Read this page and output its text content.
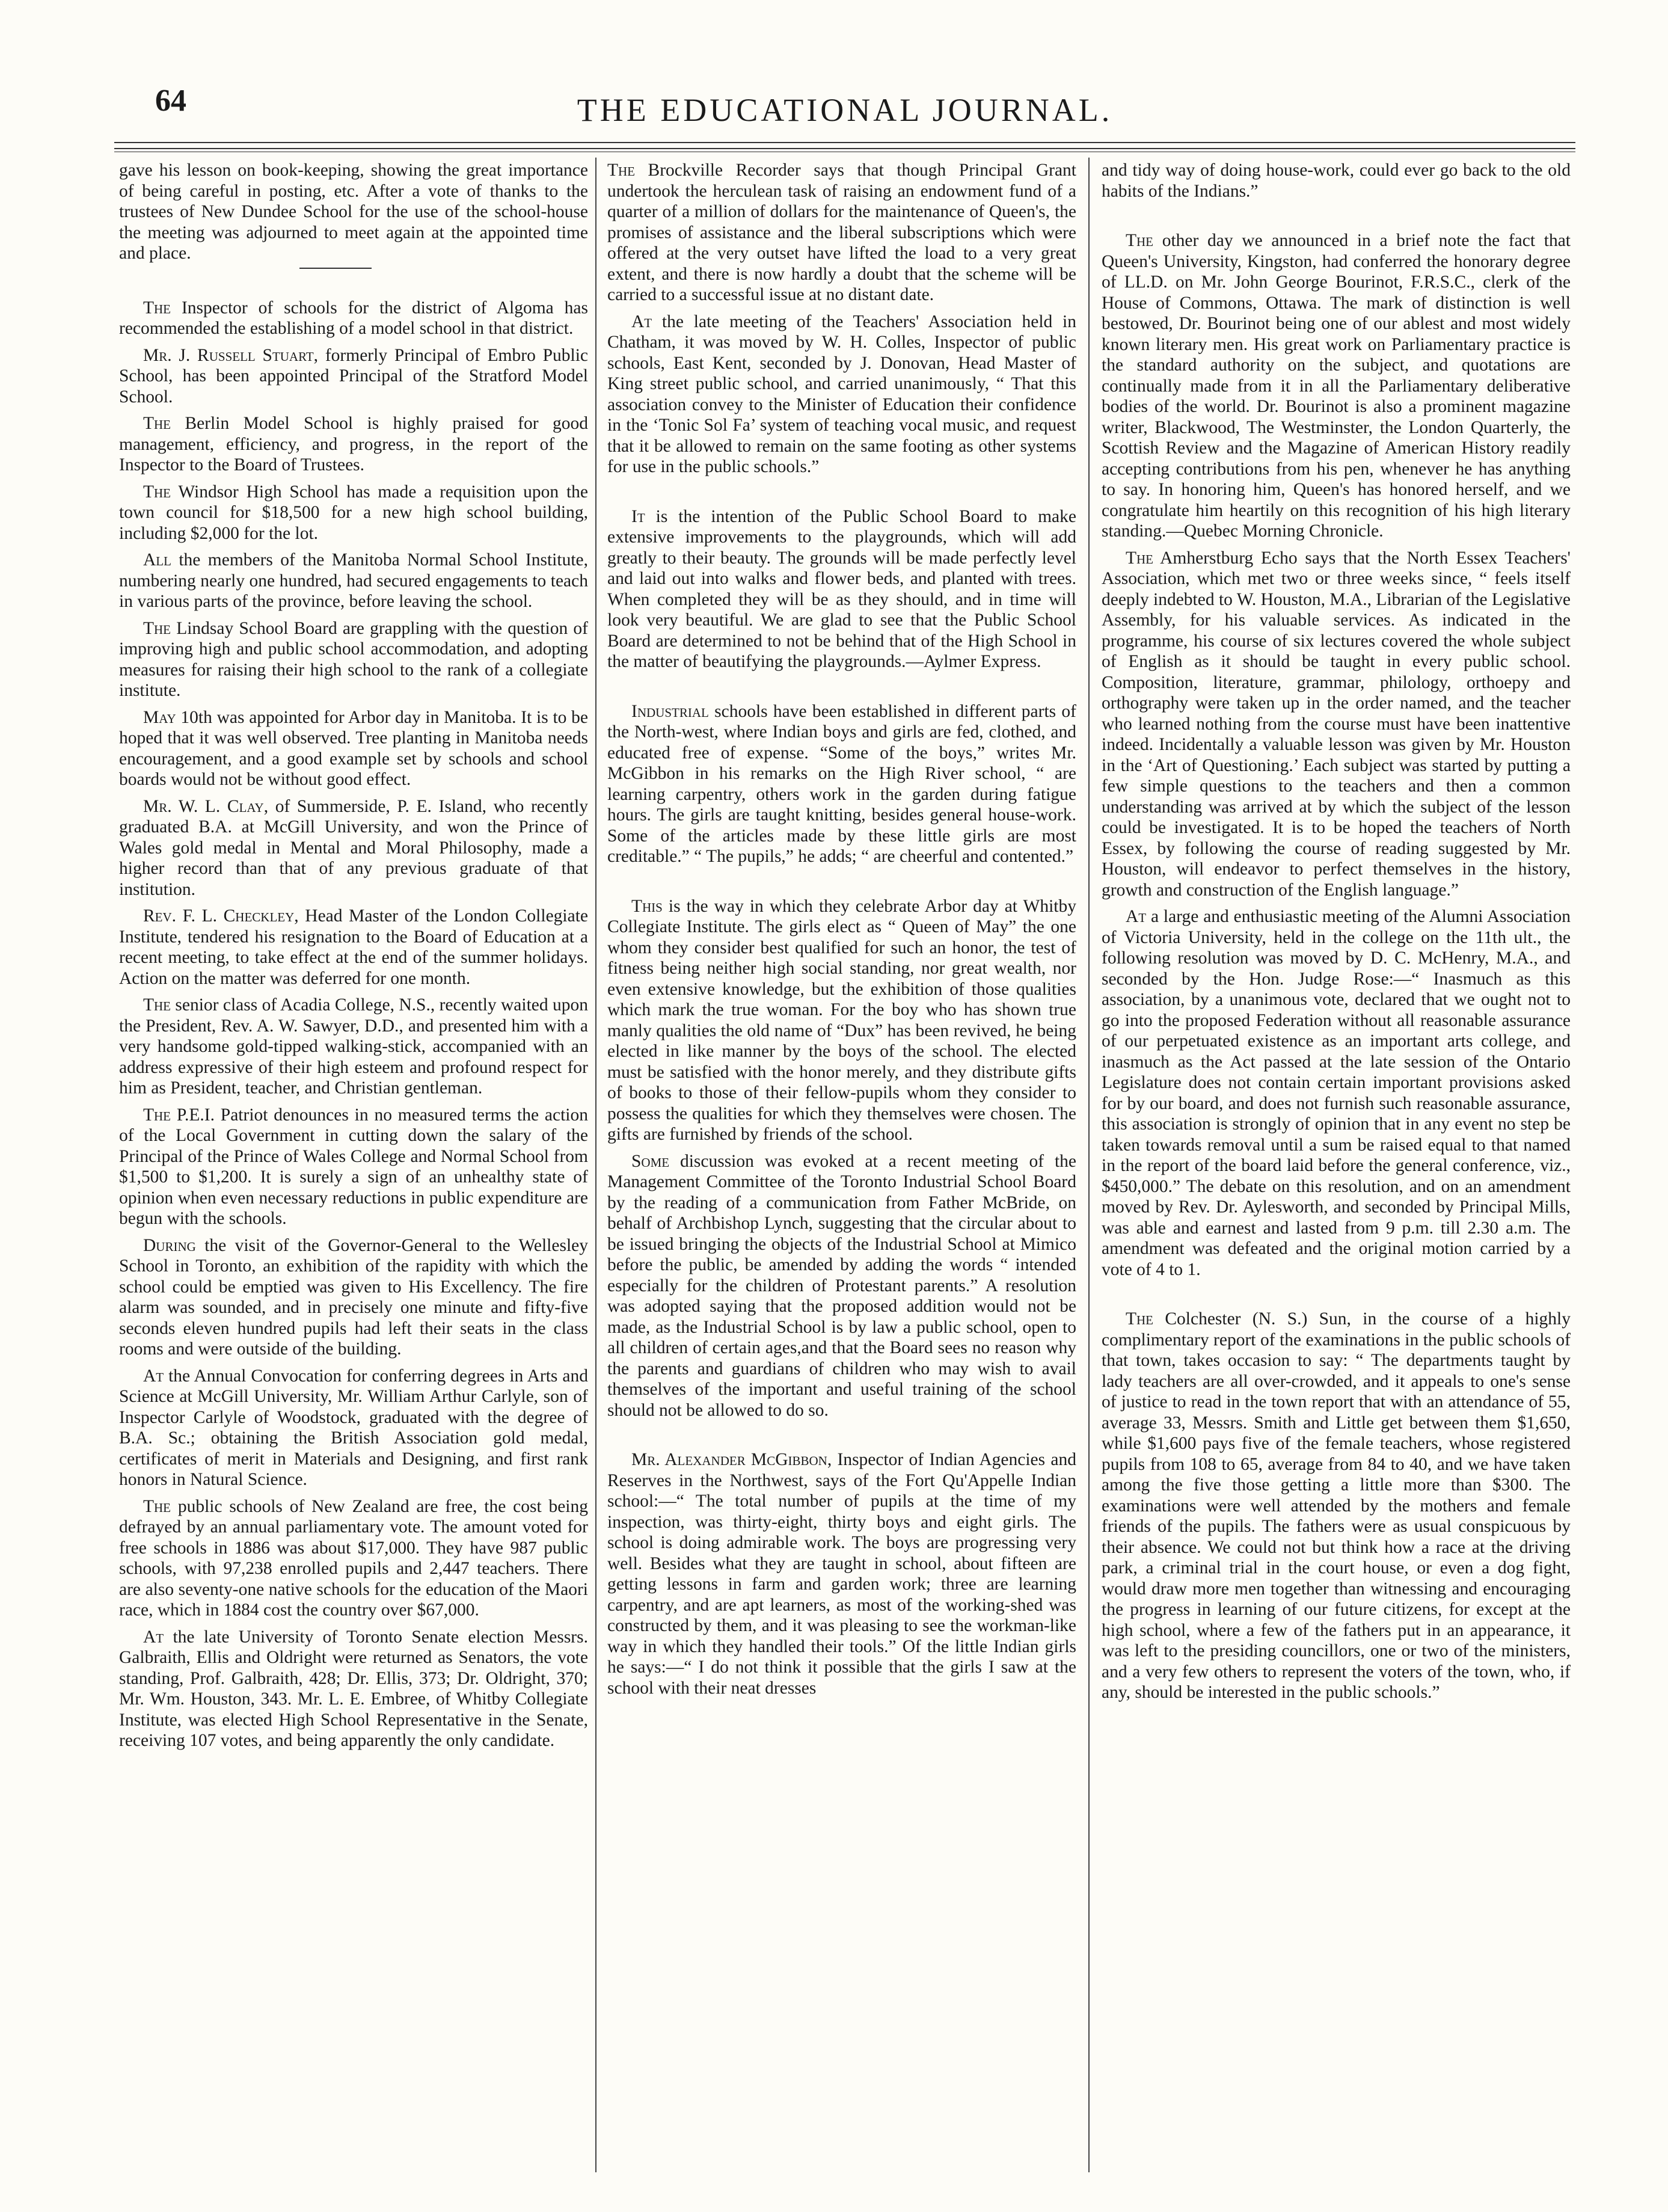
64	THE EDUCATIONAL JOURNAL.

gave his lesson on book-keeping, showing the great importance of being careful in posting, etc. After a vote of thanks to the trustees of New Dundee School for the use of the school-house the meeting was adjourned to meet again at the appointed time and place.

The Inspector of schools for the district of Algoma has recommended the establishing of a model school in that district.

Mr. J. Russell Stuart, formerly Principal of Embro Public School, has been appointed Principal of the Stratford Model School.

The Berlin Model School is highly praised for good management, efficiency, and progress, in the report of the Inspector to the Board of Trustees.

The Windsor High School has made a requisition upon the town council for $18,500 for a new high school building, including $2,000 for the lot.

All the members of the Manitoba Normal School Institute, numbering nearly one hundred, had secured engagements to teach in various parts of the province, before leaving the school.

The Lindsay School Board are grappling with the question of improving high and public school accommodation, and adopting measures for raising their high school to the rank of a collegiate institute.

May 10th was appointed for Arbor day in Manitoba. It is to be hoped that it was well observed. Tree planting in Manitoba needs encouragement, and a good example set by schools and school boards would not be without good effect.

Mr. W. L. Clay, of Summerside, P. E. Island, who recently graduated B.A. at McGill University, and won the Prince of Wales gold medal in Mental and Moral Philosophy, made a higher record than that of any previous graduate of that institution.

Rev. F. L. Checkley, Head Master of the London Collegiate Institute, tendered his resignation to the Board of Education at a recent meeting, to take effect at the end of the summer holidays. Action on the matter was deferred for one month.

The senior class of Acadia College, N.S., recently waited upon the President, Rev. A. W. Sawyer, D.D., and presented him with a very handsome gold-tipped walking-stick, accompanied with an address expressive of their high esteem and profound respect for him as President, teacher, and Christian gentleman.

The P.E.I. Patriot denounces in no measured terms the action of the Local Government in cutting down the salary of the Principal of the Prince of Wales College and Normal School from $1,500 to $1,200. It is surely a sign of an unhealthy state of opinion when even necessary reductions in public expenditure are begun with the schools.

During the visit of the Governor-General to the Wellesley School in Toronto, an exhibition of the rapidity with which the school could be emptied was given to His Excellency. The fire alarm was sounded, and in precisely one minute and fifty-five seconds eleven hundred pupils had left their seats in the class rooms and were outside of the building.

At the Annual Convocation for conferring degrees in Arts and Science at McGill University, Mr. William Arthur Carlyle, son of Inspector Carlyle of Woodstock, graduated with the degree of B.A. Sc.; obtaining the British Association gold medal, certificates of merit in Materials and Designing, and first rank honors in Natural Science.

The public schools of New Zealand are free, the cost being defrayed by an annual parliamentary vote. The amount voted for free schools in 1886 was about $17,000. They have 987 public schools, with 97,238 enrolled pupils and 2,447 teachers. There are also seventy-one native schools for the education of the Maori race, which in 1884 cost the country over $67,000.

At the late University of Toronto Senate election Messrs. Galbraith, Ellis and Oldright were returned as Senators, the vote standing, Prof. Galbraith, 428; Dr. Ellis, 373; Dr. Oldright, 370; Mr. Wm. Houston, 343. Mr. L. E. Embree, of Whitby Collegiate Institute, was elected High School Representative in the Senate, receiving 107 votes, and being apparently the only candidate.

The Brockville Recorder says that though Principal Grant undertook the herculean task of raising an endowment fund of a quarter of a million of dollars for the maintenance of Queen's, the promises of assistance and the liberal subscriptions which were offered at the very outset have lifted the load to a very great extent, and there is now hardly a doubt that the scheme will be carried to a successful issue at no distant date.

At the late meeting of the Teachers' Association held in Chatham, it was moved by W. H. Colles, Inspector of public schools, East Kent, seconded by J. Donovan, Head Master of King street public school, and carried unanimously, “ That this association convey to the Minister of Education their confidence in the ‘Tonic Sol Fa’ system of teaching vocal music, and request that it be allowed to remain on the same footing as other systems for use in the public schools.”

It is the intention of the Public School Board to make extensive improvements to the playgrounds, which will add greatly to their beauty. The grounds will be made perfectly level and laid out into walks and flower beds, and planted with trees. When completed they will be as they should, and in time will look very beautiful. We are glad to see that the Public School Board are determined to not be behind that of the High School in the matter of beautifying the playgrounds.—Aylmer Express.

Industrial schools have been established in different parts of the North-west, where Indian boys and girls are fed, clothed, and educated free of expense. “Some of the boys,” writes Mr. McGibbon in his remarks on the High River school, “ are learning carpentry, others work in the garden during fatigue hours. The girls are taught knitting, besides general house-work. Some of the articles made by these little girls are most creditable.” “ The pupils,” he adds; “ are cheerful and contented.”

This is the way in which they celebrate Arbor day at Whitby Collegiate Institute. The girls elect as “ Queen of May” the one whom they consider best qualified for such an honor, the test of fitness being neither high social standing, nor great wealth, nor even extensive knowledge, but the exhibition of those qualities which mark the true woman. For the boy who has shown true manly qualities the old name of “Dux” has been revived, he being elected in like manner by the boys of the school. The elected must be satisfied with the honor merely, and they distribute gifts of books to those of their fellow-pupils whom they consider to possess the qualities for which they themselves were chosen. The gifts are furnished by friends of the school.

Some discussion was evoked at a recent meeting of the Management Committee of the Toronto Industrial School Board by the reading of a communication from Father McBride, on behalf of Archbishop Lynch, suggesting that the circular about to be issued bringing the objects of the Industrial School at Mimico before the public, be amended by adding the words “ intended especially for the children of Protestant parents.” A resolution was adopted saying that the proposed addition would not be made, as the Industrial School is by law a public school, open to all children of certain ages,and that the Board sees no reason why the parents and guardians of children who may wish to avail themselves of the important and useful training of the school should not be allowed to do so.

Mr. Alexander McGibbon, Inspector of Indian Agencies and Reserves in the Northwest, says of the Fort Qu'Appelle Indian school:—“ The total number of pupils at the time of my inspection, was thirty-eight, thirty boys and eight girls. The school is doing admirable work. The boys are progressing very well. Besides what they are taught in school, about fifteen are getting lessons in farm and garden work; three are learning carpentry, and are apt learners, as most of the working-shed was constructed by them, and it was pleasing to see the workman-like way in which they handled their tools.” Of the little Indian girls he says:—“ I do not think it possible that the girls I saw at the school with their neat dresses

and tidy way of doing house-work, could ever go back to the old habits of the Indians.”

The other day we announced in a brief note the fact that Queen's University, Kingston, had conferred the honorary degree of LL.D. on Mr. John George Bourinot, F.R.S.C., clerk of the House of Commons, Ottawa. The mark of distinction is well bestowed, Dr. Bourinot being one of our ablest and most widely known literary men. His great work on Parliamentary practice is the standard authority on the subject, and quotations are continually made from it in all the Parliamentary deliberative bodies of the world. Dr. Bourinot is also a prominent magazine writer, Blackwood, The Westminster, the London Quarterly, the Scottish Review and the Magazine of American History readily accepting contributions from his pen, whenever he has anything to say. In honoring him, Queen's has honored herself, and we congratulate him heartily on this recognition of his high literary standing.—Quebec Morning Chronicle.

The Amherstburg Echo says that the North Essex Teachers' Association, which met two or three weeks since, “ feels itself deeply indebted to W. Houston, M.A., Librarian of the Legislative Assembly, for his valuable services. As indicated in the programme, his course of six lectures covered the whole subject of English as it should be taught in every public school. Composition, literature, grammar, philology, orthoepy and orthography were taken up in the order named, and the teacher who learned nothing from the course must have been inattentive indeed. Incidentally a valuable lesson was given by Mr. Houston in the ‘Art of Questioning.’ Each subject was started by putting a few simple questions to the teachers and then a common understanding was arrived at by which the subject of the lesson could be investigated. It is to be hoped the teachers of North Essex, by following the course of reading suggested by Mr. Houston, will endeavor to perfect themselves in the history, growth and construction of the English language.”

At a large and enthusiastic meeting of the Alumni Association of Victoria University, held in the college on the 11th ult., the following resolution was moved by D. C. McHenry, M.A., and seconded by the Hon. Judge Rose:—“ Inasmuch as this association, by a unanimous vote, declared that we ought not to go into the proposed Federation without all reasonable assurance of our perpetuated existence as an important arts college, and inasmuch as the Act passed at the late session of the Ontario Legislature does not contain certain important provisions asked for by our board, and does not furnish such reasonable assurance, this association is strongly of opinion that in any event no step be taken towards removal until a sum be raised equal to that named in the report of the board laid before the general conference, viz., $450,000.” The debate on this resolution, and on an amendment moved by Rev. Dr. Aylesworth, and seconded by Principal Mills, was able and earnest and lasted from 9 p.m. till 2.30 a.m. The amendment was defeated and the original motion carried by a vote of 4 to 1.

The Colchester (N. S.) Sun, in the course of a highly complimentary report of the examinations in the public schools of that town, takes occasion to say: “ The departments taught by lady teachers are all over-crowded, and it appeals to one's sense of justice to read in the town report that with an attendance of 55, average 33, Messrs. Smith and Little get between them $1,650, while $1,600 pays five of the female teachers, whose registered pupils from 108 to 65, average from 84 to 40, and we have taken among the five those getting a little more than $300. The examinations were well attended by the mothers and female friends of the pupils. The fathers were as usual conspicuous by their absence. We could not but think how a race at the driving park, a criminal trial in the court house, or even a dog fight, would draw more men together than witnessing and encouraging the progress in learning of our future citizens, for except at the high school, where a few of the fathers put in an appearance, it was left to the presiding councillors, one or two of the ministers, and a very few others to represent the voters of the town, who, if any, should be interested in the public schools.”
